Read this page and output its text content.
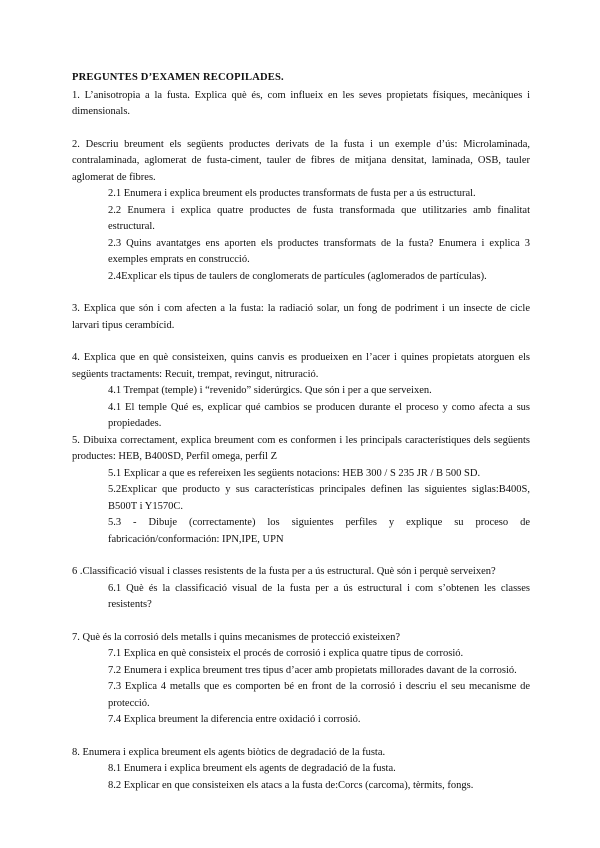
PREGUNTES D’EXAMEN RECOPILADES.

1. L’anisotropia a la fusta. Explica què és, com influeix en les seves propietats físiques, mecàniques i dimensionals.

2. Descriu breument els següents productes derivats de la fusta i un exemple d’ús: Microlaminada, contralaminada, aglomerat de fusta-ciment, tauler de fibres de mitjana densitat, laminada, OSB, tauler aglomerat de fibres.

2.1 Enumera i explica breument els productes transformats de fusta per a ús estructural.

2.2 Enumera i explica quatre productes de fusta transformada que utilitzaries amb finalitat estructural.

2.3 Quins avantatges ens aporten els productes transformats de la fusta? Enumera i explica 3 exemples emprats en construcció.

2.4Explicar els tipus de taulers de conglomerats de partícules (aglomerados de partículas).

3. Explica que són i com afecten a la fusta: la radiació solar, un fong de podriment i un insecte de cicle larvari tipus cerambícid.

4. Explica que en què consisteixen, quins canvis es produeixen en l’acer i quines propietats atorguen els següents tractaments: Recuit, trempat, revingut, nitruració.

4.1 Trempat (temple) i “revenido” siderúrgics. Que són i per a que serveixen.

4.1 El temple Qué es, explicar qué cambios se producen durante el proceso y como afecta a sus propiedades.

5. Dibuixa correctament, explica breument com es conformen i les principals característiques dels següents productes: HEB, B400SD, Perfil omega, perfil Z

5.1 Explicar a que es refereixen les següents notacions: HEB 300 / S 235 JR / B 500 SD.

5.2Explicar que producto y sus características principales definen las siguientes siglas:B400S, B500T i Y1570C.

5.3 - Dibuje (correctamente) los siguientes perfiles y explique su proceso de fabricación/conformación: IPN,IPE, UPN

6 .Classificació visual i classes resistents de la fusta per a ús estructural. Què són i perquè serveixen?

6.1 Què és la classificació visual de la fusta per a ús estructural i com s’obtenen les classes resistents?

7. Què és la corrosió dels metalls i quins mecanismes de protecció existeixen?

7.1 Explica en què consisteix el procés de corrosió i explica quatre tipus de corrosió.

7.2 Enumera i explica breument tres tipus d’acer amb propietats millorades davant de la corrosió.

7.3 Explica 4 metalls que es comporten bé en front de la corrosió i descriu el seu mecanisme de protecció.

7.4 Explica breument la diferencia entre oxidació i corrosió.

8. Enumera i explica breument els agents biòtics de degradació de la fusta.

8.1 Enumera i explica breument els agents de degradació de la fusta.

8.2 Explicar en que consisteixen els atacs a la fusta de:Corcs (carcoma), tèrmits, fongs.
